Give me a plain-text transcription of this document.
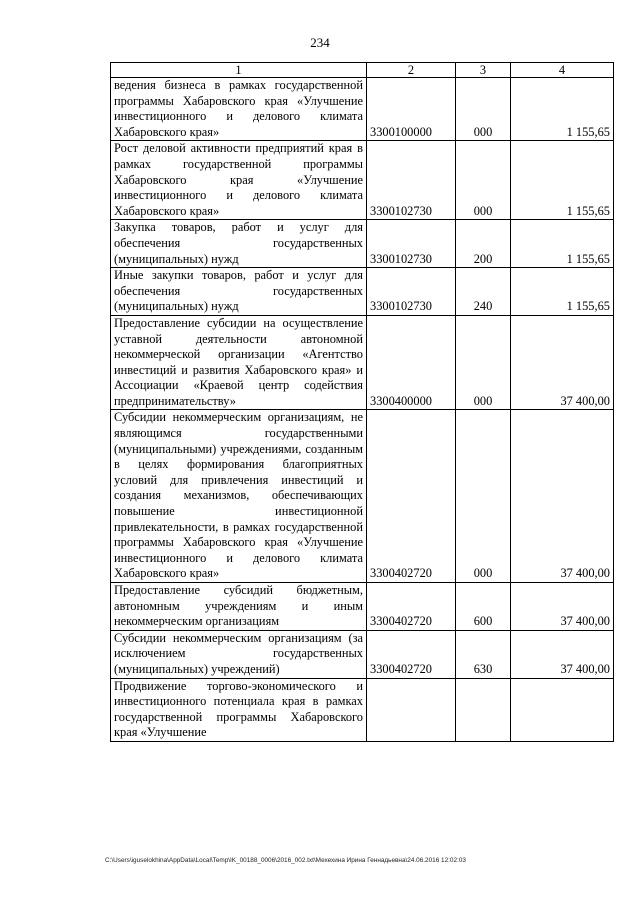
234
1	2	3	4
ведения бизнеса в рамках государственной программы Хабаровского края «Улучшение инвестиционного и делового климата Хабаровского края»	3300100000	000	1 155,65
Рост деловой активности предприятий края в рамках государственной программы Хабаровского края «Улучшение инвестиционного и делового климата Хабаровского края»	3300102730	000	1 155,65
Закупка товаров, работ и услуг для обеспечения государственных (муниципальных) нужд	3300102730	200	1 155,65
Иные закупки товаров, работ и услуг для обеспечения государственных (муниципальных) нужд	3300102730	240	1 155,65
Предоставление субсидии на осуществление уставной деятельности автономной некоммерческой организации «Агентство инвестиций и развития Хабаровского края» и Ассоциации «Краевой центр содействия предпринимательству»	3300400000	000	37 400,00
Субсидии некоммерческим организациям, не являющимся государственными (муниципальными) учреждениями, созданным в целях формирования благоприятных условий для привлечения инвестиций и создания механизмов, обеспечивающих повышение инвестиционной привлекательности, в рамках государственной программы Хабаровского края «Улучшение инвестиционного и делового климата Хабаровского края»	3300402720	000	37 400,00
Предоставление субсидий бюджетным, автономным учреждениям и иным некоммерческим организациям	3300402720	600	37 400,00
Субсидии некоммерческим организациям (за исключением государственных (муниципальных) учреждений)	3300402720	630	37 400,00
Продвижение торгово-экономического и инвестиционного потенциала края в рамках государственной программы Хабаровского края «Улучшение			
C:\Users\iguselokhina\AppData\Local\Temp\IK_00188_0006\2016_002.txt\Мехехина Ирина Геннадьевна\24.06.2016 12:02:03
